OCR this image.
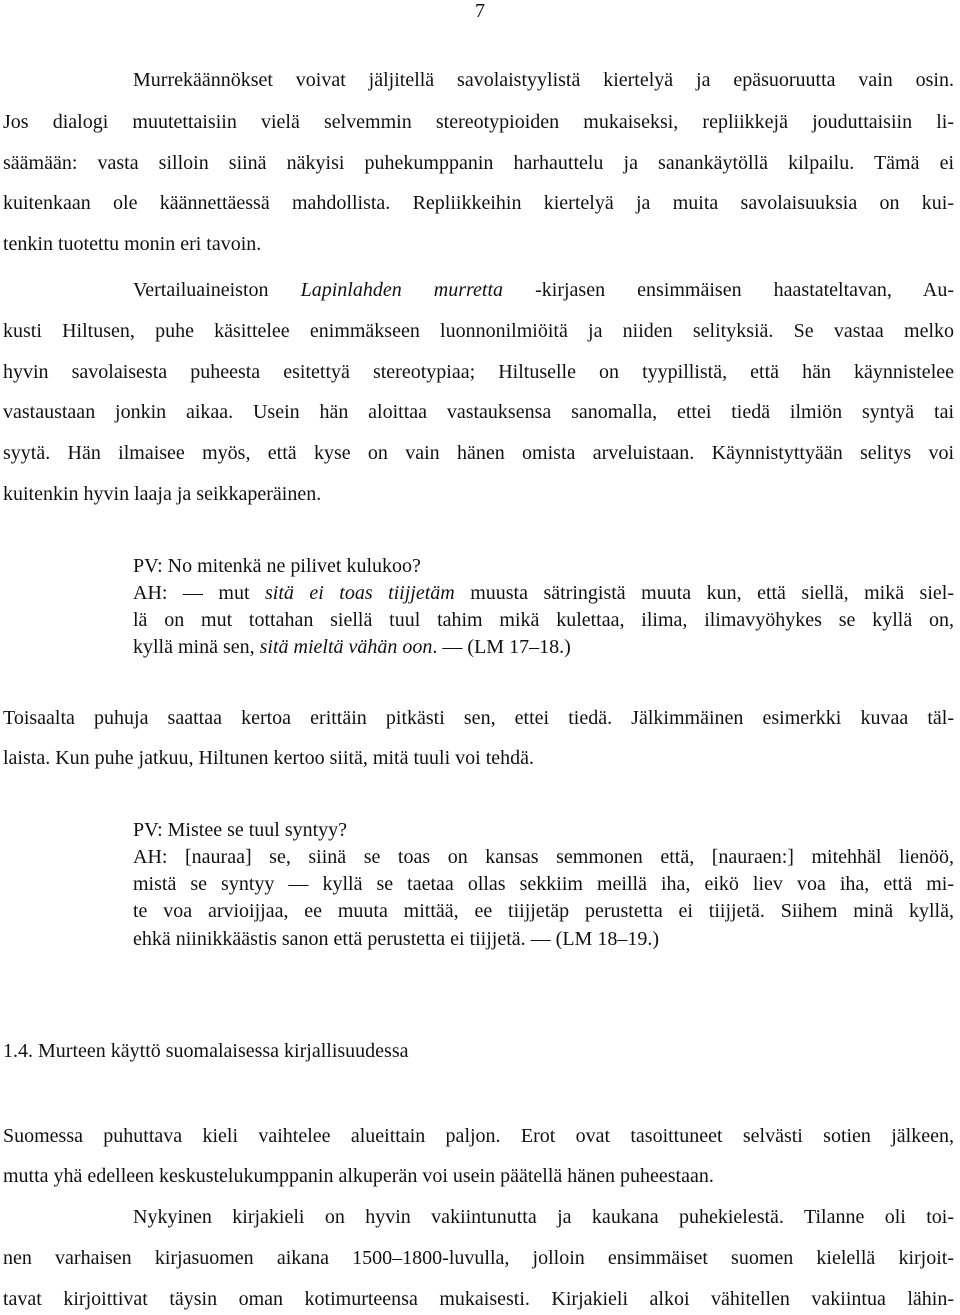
7
Murrekäännökset voivat jäljitellä savolaistyylistä kiertelyä ja epäsuoruutta vain osin.
Jos dialogi muutettaisiin vielä selvemmin stereotypioiden mukaiseksi, repliikkejä jouduttaisiin li-
säämään: vasta silloin siinä näkyisi puhekumppanin harhauttelu ja sanankäytöllä kilpailu. Tämä ei
kuitenkaan ole käännettäessä mahdollista. Repliikkeihin kiertelyä ja muita savolaisuuksia on kui-
tenkin tuotettu monin eri tavoin.
Vertailuaineiston Lapinlahden murretta -kirjasen ensimmäisen haastateltavan, Au-
kusti Hiltusen, puhe käsittelee enimmäkseen luonnonilmiöitä ja niiden selityksiä. Se vastaa melko
hyvin savolaisesta puheesta esitettyä stereotypiaa; Hiltuselle on tyypillistä, että hän käynnistelee
vastaustaan jonkin aikaa. Usein hän aloittaa vastauksensa sanomalla, ettei tiedä ilmiön syntyä tai
syytä. Hän ilmaisee myös, että kyse on vain hänen omista arveluistaan. Käynnistyttyään selitys voi
kuitenkin hyvin laaja ja seikkaperäinen.
PV: No mitenkä ne pilivet kulukoo?
AH: — mut sitä ei toas tiijjetäm muusta sätringistä muuta kun, että siellä, mikä siel-
lä on mut tottahan siellä tuul tahim mikä kulettaa, ilima, ilimavyöhykes se kyllä on,
kyllä minä sen, sitä mieltä vähän oon. — (LM 17–18.)
Toisaalta puhuja saattaa kertoa erittäin pitkästi sen, ettei tiedä. Jälkimmäinen esimerkki kuvaa täl-
laista. Kun puhe jatkuu, Hiltunen kertoo siitä, mitä tuuli voi tehdä.
PV: Mistee se tuul syntyy?
AH: [nauraa] se, siinä se toas on kansas semmonen että, [nauraen:] mitehhäl lienöö,
mistä se syntyy — kyllä se taetaa ollas sekkiim meillä iha, eikö liev voa iha, että mi-
te voa arvioijjaa, ee muuta mittää, ee tiijjetäp perustetta ei tiijjetä. Siihem minä kyllä,
ehkä niinikkäästis sanon että perustetta ei tiijjetä. — (LM 18–19.)
1.4. Murteen käyttö suomalaisessa kirjallisuudessa
Suomessa puhuttava kieli vaihtelee alueittain paljon. Erot ovat tasoittuneet selvästi sotien jälkeen,
mutta yhä edelleen keskustelukumppanin alkuperän voi usein päätellä hänen puheestaan.
Nykyinen kirjakieli on hyvin vakiintunutta ja kaukana puhekielestä. Tilanne oli toi-
nen varhaisen kirjasuomen aikana 1500–1800-luvulla, jolloin ensimmäiset suomen kielellä kirjoit-
tavat kirjoittivat täysin oman kotimurteensa mukaisesti. Kirjakieli alkoi vähitellen vakiintua lähin-
